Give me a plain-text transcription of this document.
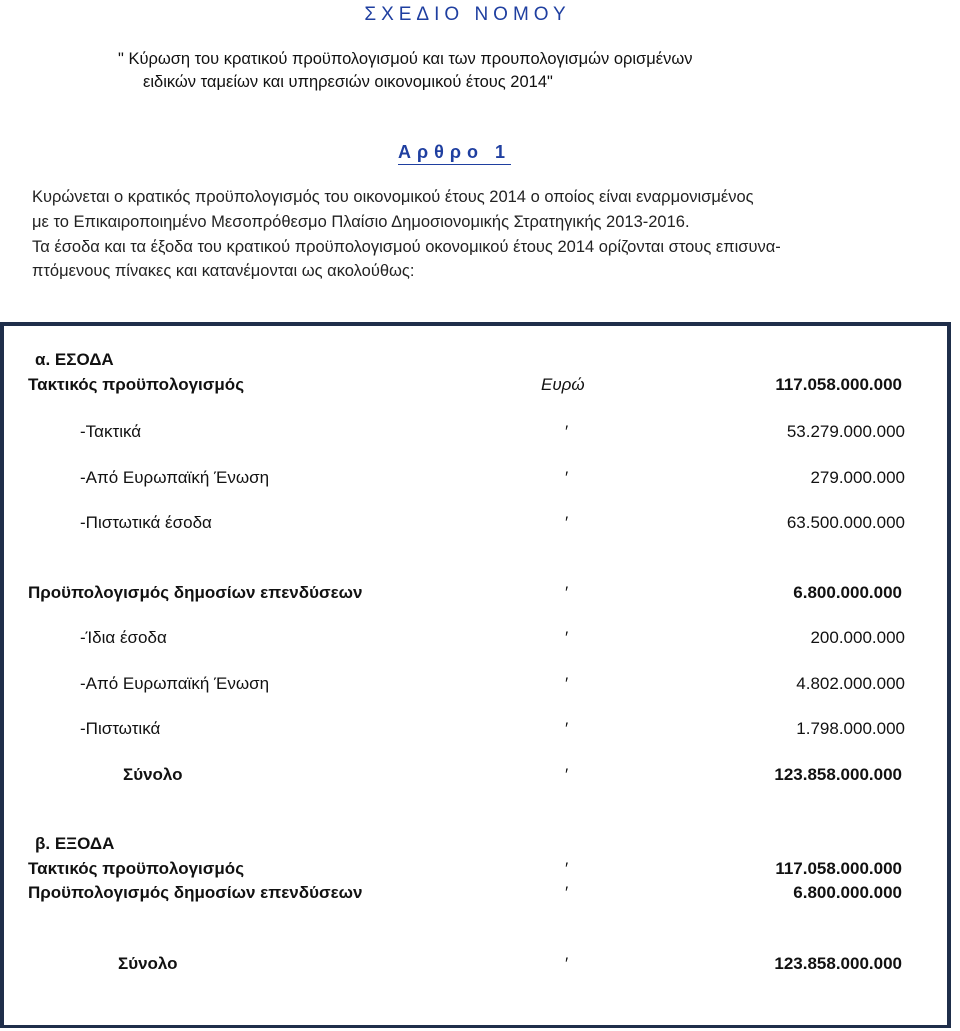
ΣΧΕΔΙΟ ΝΟΜΟΥ
" Κύρωση του κρατικού προϋπολογισμού και των προυπολογισμών ορισμένων
ειδικών ταμείων και υπηρεσιών οικονομικού έτους 2014"
Αρθρο 1
Κυρώνεται ο κρατικός προϋπολογισμός του οικονομικού έτους 2014 ο οποίος είναι εναρμονισμένος
με το Επικαιροποιημένο Μεσοπρόθεσμο Πλαίσιο Δημοσιονομικής Στρατηγικής 2013-2016.
Τα έσοδα και τα έξοδα του κρατικού προϋπολογισμού οκονομικού έτους 2014 ορίζονται στους επισυνα-
πτόμενους πίνακες και κατανέμονται ως ακολούθως:
α. ΕΣΟΔΑ
Τακτικός προϋπολογισμός	Ευρώ	117.058.000.000
-Τακτικά	′	53.279.000.000
-Από Ευρωπαϊκή Ένωση	′	279.000.000
-Πιστωτικά έσοδα	′	63.500.000.000
Προϋπολογισμός δημοσίων επενδύσεων	′	6.800.000.000
-Ίδια έσοδα	′	200.000.000
-Από Ευρωπαϊκή Ένωση	′	4.802.000.000
-Πιστωτικά	′	1.798.000.000
Σύνολο	′	123.858.000.000
β. ΕΞΟΔΑ
Τακτικός προϋπολογισμός	′	117.058.000.000
Προϋπολογισμός δημοσίων επενδύσεων	′	6.800.000.000
Σύνολο	′	123.858.000.000
